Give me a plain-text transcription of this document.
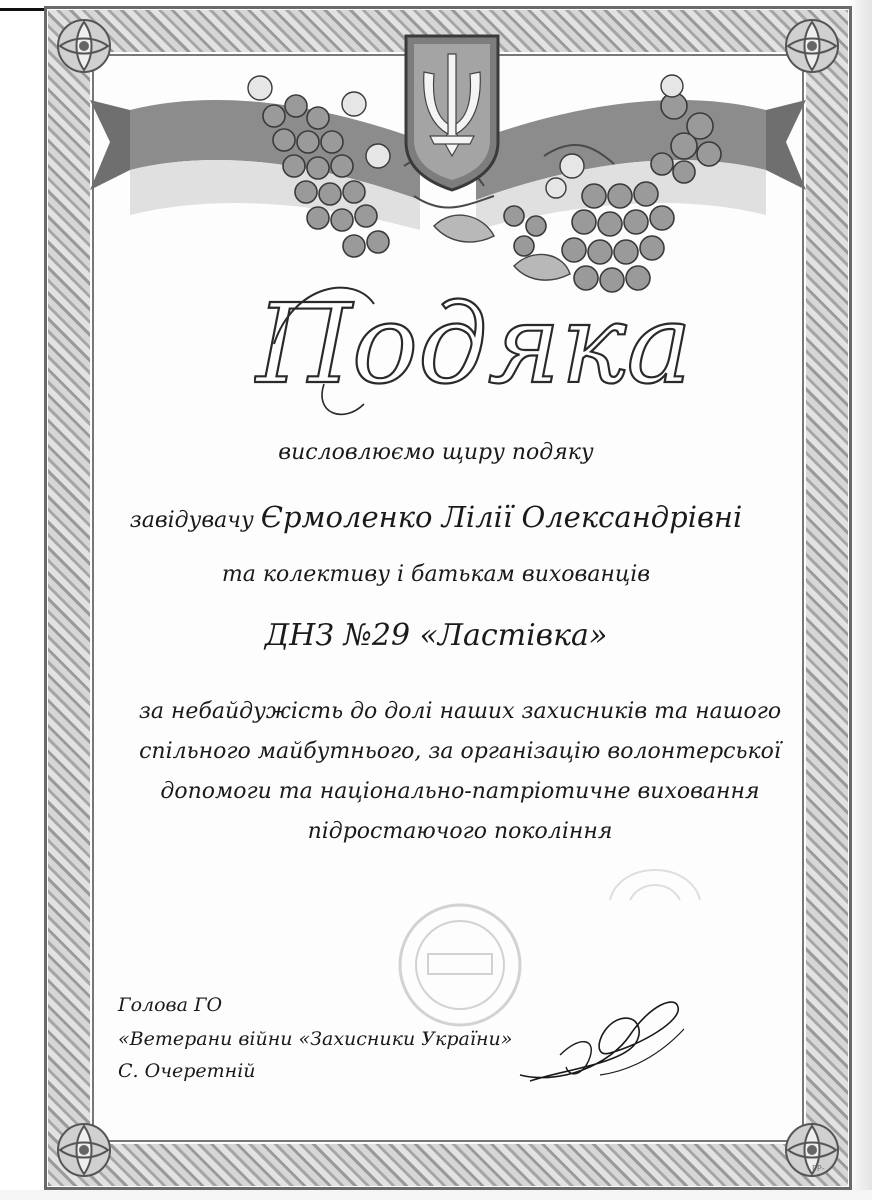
Подяка
висловлюємо щиру подяку
завідувачу Єрмоленко Лілії Олександрівні
та колективу і батькам вихованців
ДНЗ №29 «Ластівка»
за небайдужість до долі наших захисників та нашого спільного майбутнього, за організацію волонтерської допомоги та національно-патріотичне виховання підростаючого покоління
Голова ГО
«Ветерани війни «Захисники України»
С. Очеретній
ГР-
